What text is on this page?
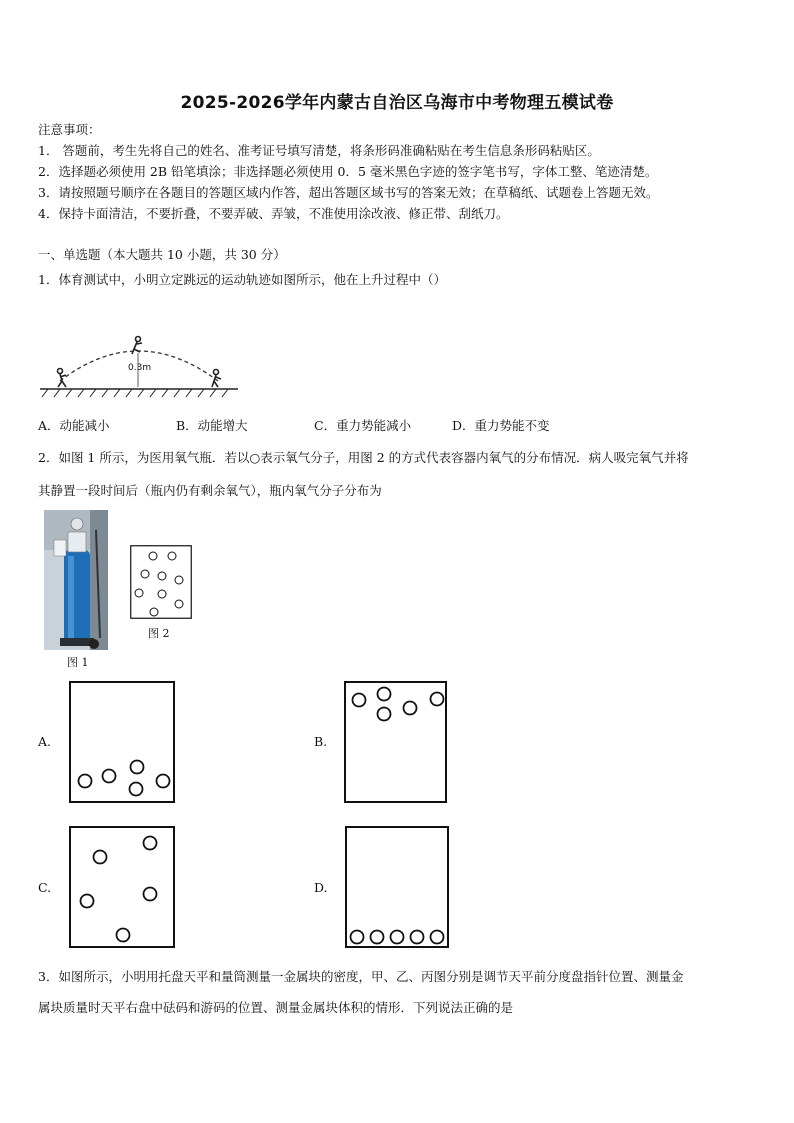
2025-2026学年内蒙古自治区乌海市中考物理五模试卷
注意事项：
1． 答题前，考生先将自己的姓名、准考证号填写清楚，将条形码准确粘贴在考生信息条形码粘贴区。
2．选择题必须使用 2B 铅笔填涂；非选择题必须使用 0．5 毫米黑色字迹的签字笔书写，字体工整、笔迹清楚。
3．请按照题号顺序在各题目的答题区域内作答，超出答题区域书写的答案无效；在草稿纸、试题卷上答题无效。
4．保持卡面清洁，不要折叠，不要弄破、弄皱，不准使用涂改液、修正带、刮纸刀。
一、单选题（本大题共 10 小题，共 30 分）
1．体育测试中，小明立定跳远的运动轨迹如图所示，他在上升过程中（）
0.3m
A．动能减小	B．动能增大	C．重力势能减小	D．重力势能不变
2．如图 1 所示，为医用氧气瓶．若以○表示氧气分子，用图 2 的方式代表容器内氧气的分布情况．病人吸完氧气并将
其静置一段时间后（瓶内仍有剩余氧气），瓶内氧气分子分布为
图 1
图 2
A.	B.
C.	D.
3．如图所示，小明用托盘天平和量筒测量一金属块的密度，甲、乙、丙图分别是调节天平前分度盘指针位置、测量金
属块质量时天平右盘中砝码和游码的位置、测量金属块体积的情形．下列说法正确的是
